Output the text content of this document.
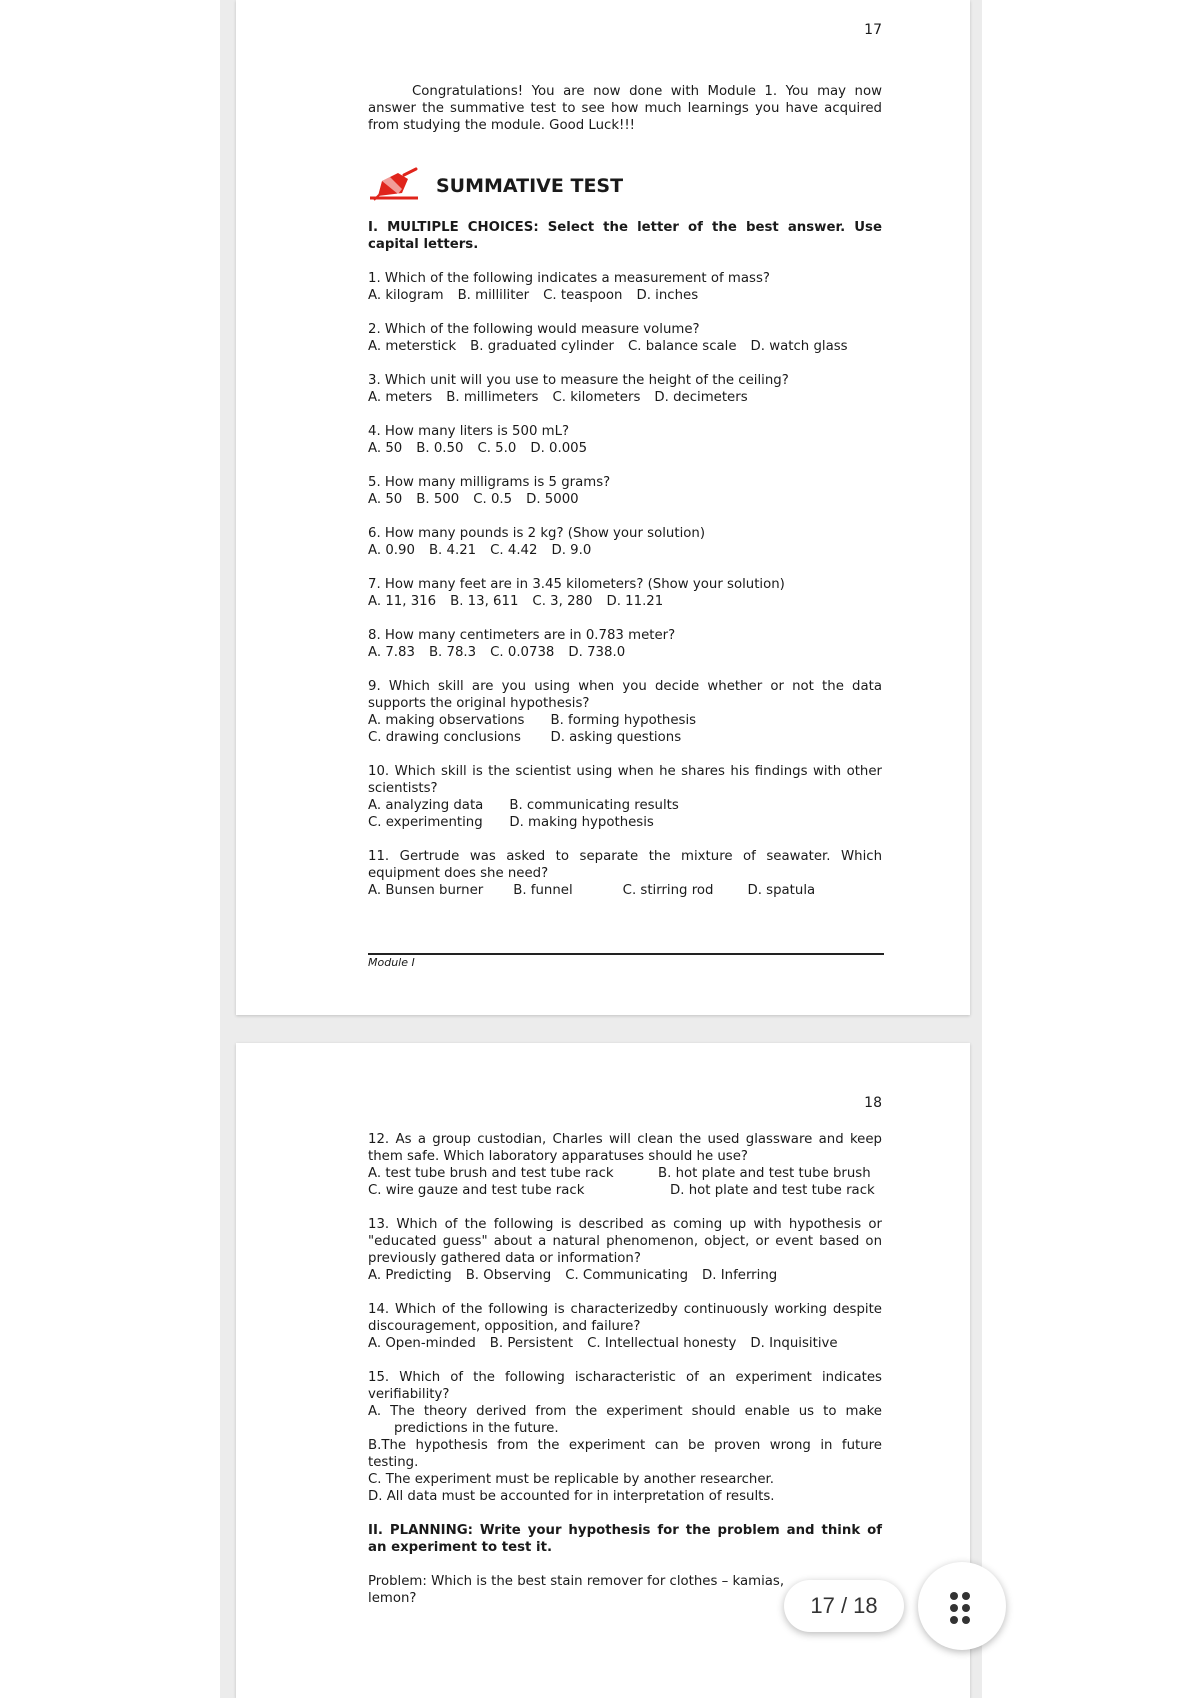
17
Congratulations! You are now done with Module 1. You may now answer the summative test to see how much learnings you have acquired from studying the module. Good Luck!!!
SUMMATIVE TEST
I. MULTIPLE CHOICES: Select the letter of the best answer. Use capital letters.
1. Which of the following indicates a measurement of mass?
A. kilogram B. milliliter C. teaspoon D. inches
2. Which of the following would measure volume?
A. meterstick B. graduated cylinder C. balance scale D. watch glass
3. Which unit will you use to measure the height of the ceiling?
A. meters B. millimeters C. kilometers D. decimeters
4. How many liters is 500 mL?
A. 50 B. 0.50 C. 5.0 D. 0.005
5. How many milligrams is 5 grams?
A. 50 B. 500 C. 0.5 D. 5000
6. How many pounds is 2 kg? (Show your solution)
A. 0.90 B. 4.21 C. 4.42 D. 9.0
7. How many feet are in 3.45 kilometers? (Show your solution)
A. 11, 316 B. 13, 611 C. 3, 280 D. 11.21
8. How many centimeters are in 0.783 meter?
A. 7.83 B. 78.3 C. 0.0738 D. 738.0
9. Which skill are you using when you decide whether or not the data supports the original hypothesis?
A. making observations B. forming hypothesis
C. drawing conclusions D. asking questions
10. Which skill is the scientist using when he shares his findings with other scientists?
A. analyzing data B. communicating results
C. experimenting D. making hypothesis
11. Gertrude was asked to separate the mixture of seawater. Which equipment does she need?
A. Bunsen burner B. funnel	C. stirring rod	D. spatula
Module I
18
12. As a group custodian, Charles will clean the used glassware and keep them safe. Which laboratory apparatuses should he use?
A. test tube brush and test tube rack	B. hot plate and test tube brush
C. wire gauze and test tube rack	D. hot plate and test tube rack
13. Which of the following is described as coming up with hypothesis or "educated guess" about a natural phenomenon, object, or event based on previously gathered data or information?
A. Predicting B. Observing C. Communicating D. Inferring
14. Which of the following is characterizedby continuously working despite discouragement, opposition, and failure?
A. Open-minded B. Persistent C. Intellectual honesty D. Inquisitive
15. Which of the following ischaracteristic of an experiment indicates verifiability?
A. The theory derived from the experiment should enable us to make predictions in the future.
B.The hypothesis from the experiment can be proven wrong in future testing.
C. The experiment must be replicable by another researcher.
D. All data must be accounted for in interpretation of results.
II. PLANNING: Write your hypothesis for the problem and think of an experiment to test it.
Problem: Which is the best stain remover for clothes – kamias, lemon?	17 / 18
